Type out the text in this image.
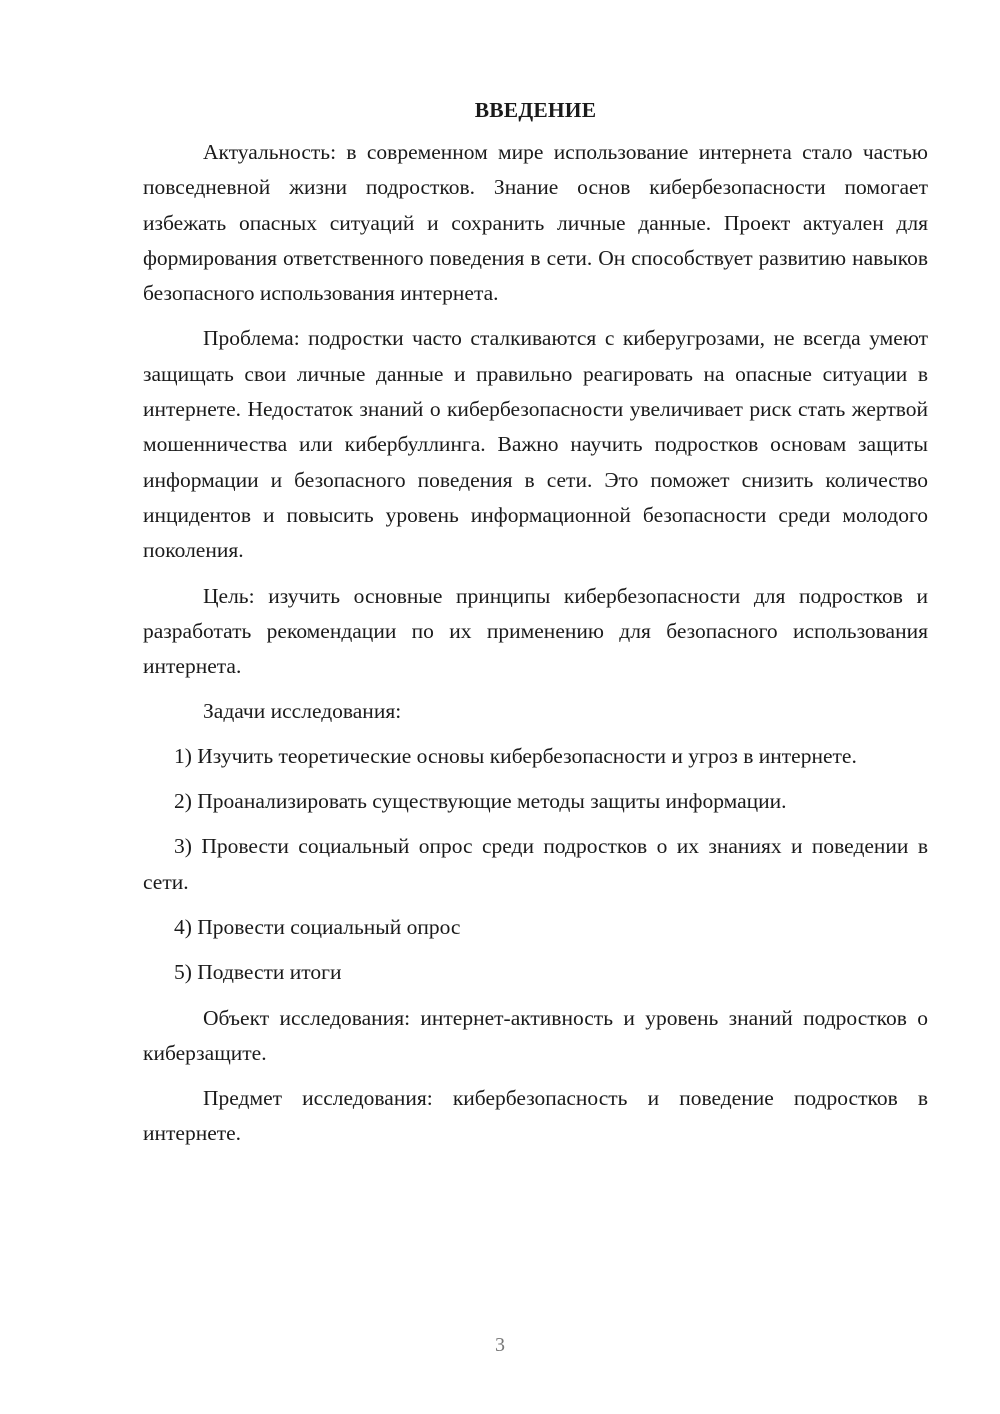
ВВЕДЕНИЕ

Актуальность: в современном мире использование интернета стало частью повседневной жизни подростков. Знание основ кибербезопасности помогает избежать опасных ситуаций и сохранить личные данные. Проект актуален для формирования ответственного поведения в сети. Он способствует развитию навыков безопасного использования интернета.

Проблема: подростки часто сталкиваются с киберугрозами, не всегда умеют защищать свои личные данные и правильно реагировать на опасные ситуации в интернете. Недостаток знаний о кибербезопасности увеличивает риск стать жертвой мошенничества или кибербуллинга. Важно научить подростков основам защиты информации и безопасного поведения в сети. Это поможет снизить количество инцидентов и повысить уровень информационной безопасности среди молодого поколения.

Цель: изучить основные принципы кибербезопасности для подростков и разработать рекомендации по их применению для безопасного использования интернета.

Задачи исследования:

1) Изучить теоретические основы кибербезопасности и угроз в интернете.

2) Проанализировать существующие методы защиты информации.

3) Провести социальный опрос среди подростков о их знаниях и поведении в сети.

4) Провести социальный опрос

5) Подвести итоги

Объект исследования: интернет-активность и уровень знаний подростков о киберзащите.

Предмет исследования: кибербезопасность и поведение подростков в интернете.

3
